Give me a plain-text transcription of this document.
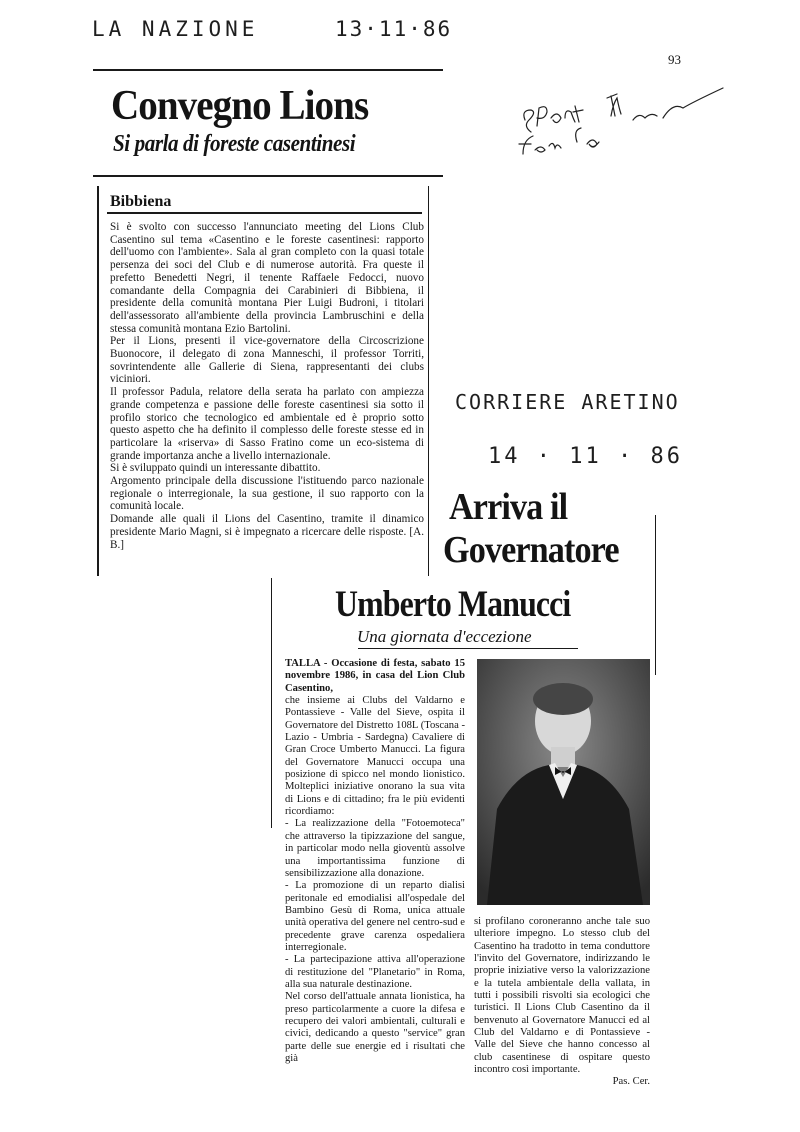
LA NAZIONE	13·11·86
93
Convegno Lions
Si parla di foreste casentinesi
Bibbiena

Si è svolto con successo l'annunciato meeting del Lions Club Casentino sul tema «Casentino e le foreste casentinesi: rapporto dell'uomo con l'ambiente». Sala al gran completo con la quasi totale persenza dei soci del Club e di numerose autorità. Fra queste il prefetto Benedetti Negri, il tenente Raffaele Fedocci, nuovo comandante della Compagnia dei Carabinieri di Bibbiena, il presidente della comunità montana Pier Luigi Budroni, i titolari dell'assessorato all'ambiente della provincia Lambruschini e della stessa comunità montana Ezio Bartolini.

Per il Lions, presenti il vice-governatore della Circoscrizione Buonocore, il delegato di zona Manneschi, il professor Torriti, sovrintendente alle Gallerie di Siena, rappresentanti dei clubs viciniori.

Il professor Padula, relatore della serata ha parlato con ampiezza grande competenza e passione delle foreste casentinesi sia sotto il profilo storico che tecnologico ed ambientale ed è proprio sotto questo aspetto che ha definito il complesso delle foreste stesse ed in particolare la «riserva» di Sasso Fratino come un eco-sistema di grande importanza anche a livello internazionale.

Si è sviluppato quindi un interessante dibattito.

Argomento principale della discussione l'istituendo parco nazionale regionale o interregionale, la sua gestione, il suo rapporto con la comunità locale.

Domande alle quali il Lions del Casentino, tramite il dinamico presidente Mario Magni, si è impegnato a ricercare delle risposte. [A. B.]

CORRIERE ARETINO
14 · 11 · 86
Arriva il
Governatore
Umberto Manucci
Una giornata d'eccezione

TALLA - Occasione di festa, sabato 15 novembre 1986, in casa del Lion Club Casentino,

che insieme ai Clubs del Valdarno e Pontassieve - Valle del Sieve, ospita il Governatore del Distretto 108L (Toscana - Lazio - Umbria - Sardegna) Cavaliere di Gran Croce Umberto Manucci. La figura del Governatore Manucci occupa una posizione di spicco nel mondo lionistico. Molteplici iniziative onorano la sua vita di Lions e di cittadino; fra le più evidenti ricordiamo:

- La realizzazione della "Fotoemoteca" che attraverso la tipizzazione del sangue, in particolar modo nella gioventù assolve una importantissima funzione di sensibilizzazione alla donazione.

- La promozione di un reparto dialisi peritonale ed emodialisi all'ospedale del Bambino Gesù di Roma, unica attuale unità operativa del genere nel centro-sud e precedente grave carenza ospedaliera interregionale.

- La partecipazione attiva all'operazione di restituzione del "Planetario" in Roma, alla sua naturale destinazione.

Nel corso dell'attuale annata lionistica, ha preso particolarmente a cuore la difesa e recupero dei valori ambientali, culturali e civici, dedicando a questo "service" gran parte delle sue energie ed i risultati che già

si profilano coroneranno anche tale suo ulteriore impegno. Lo stesso club del Casentino ha tradotto in tema conduttore l'invito del Governatore, indirizzando le proprie iniziative verso la valorizzazione e la tutela ambientale della vallata, in tutti i possibili risvolti sia ecologici che turistici. Il Lions Club Casentino da il benvenuto al Governatore Manucci ed al Club del Valdarno e di Pontassieve - Valle del Sieve che hanno concesso al club casentinese di ospitare questo incontro così importante.

Pas. Cer.
